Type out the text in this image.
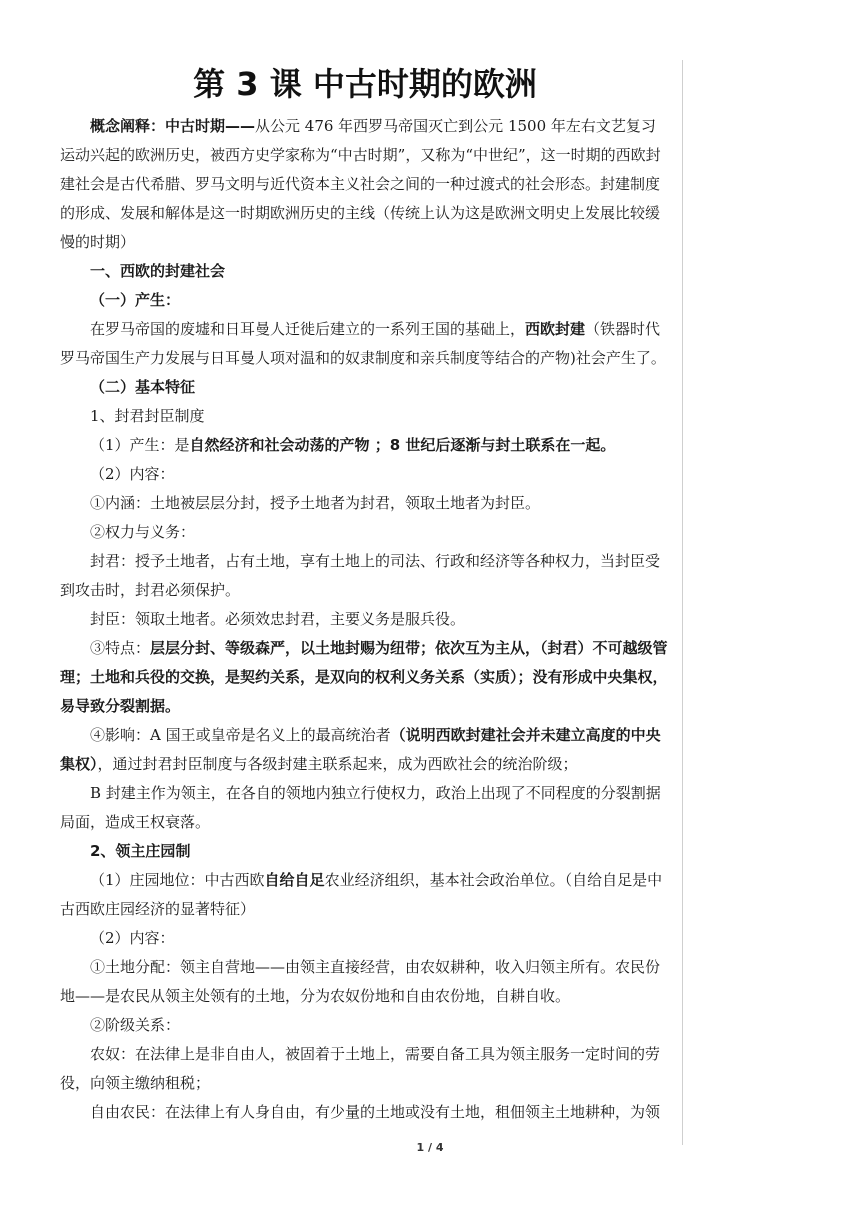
第 3 课 中古时期的欧洲

概念阐释：中古时期——从公元 476 年西罗马帝国灭亡到公元 1500 年左右文艺复习运动兴起的欧洲历史，被西方史学家称为“中古时期”，又称为“中世纪”，这一时期的西欧封建社会是古代希腊、罗马文明与近代资本主义社会之间的一种过渡式的社会形态。封建制度的形成、发展和解体是这一时期欧洲历史的主线（传统上认为这是欧洲文明史上发展比较缓慢的时期）

一、西欧的封建社会

（一）产生：

在罗马帝国的废墟和日耳曼人迁徙后建立的一系列王国的基础上，西欧封建（铁器时代罗马帝国生产力发展与日耳曼人项对温和的奴隶制度和亲兵制度等结合的产物)社会产生了。

（二）基本特征

1、封君封臣制度

（1）产生：是自然经济和社会动荡的产物 ；8 世纪后逐渐与封土联系在一起。

（2）内容：

①内涵：土地被层层分封，授予土地者为封君，领取土地者为封臣。

②权力与义务：

封君：授予土地者，占有土地，享有土地上的司法、行政和经济等各种权力，当封臣受到攻击时，封君必须保护。

封臣：领取土地者。必须效忠封君，主要义务是服兵役。

③特点：层层分封、等级森严，以土地封赐为纽带；依次互为主从，（封君）不可越级管理；土地和兵役的交换，是契约关系，是双向的权利义务关系（实质）；没有形成中央集权，易导致分裂割据。

④影响：A 国王或皇帝是名义上的最高统治者（说明西欧封建社会并未建立高度的中央集权），通过封君封臣制度与各级封建主联系起来，成为西欧社会的统治阶级；

B 封建主作为领主，在各自的领地内独立行使权力，政治上出现了不同程度的分裂割据局面，造成王权衰落。

2、领主庄园制

（1）庄园地位：中古西欧自给自足农业经济组织，基本社会政治单位。（自给自足是中古西欧庄园经济的显著特征）

（2）内容：

①土地分配：领主自营地——由领主直接经营，由农奴耕种，收入归领主所有。农民份地——是农民从领主处领有的土地，分为农奴份地和自由农份地，自耕自收。

②阶级关系：

农奴：在法律上是非自由人，被固着于土地上，需要自备工具为领主服务一定时间的劳役，向领主缴纳租税；

自由农民：在法律上有人身自由，有少量的土地或没有土地，租佃领主土地耕种，为领

1 / 4
